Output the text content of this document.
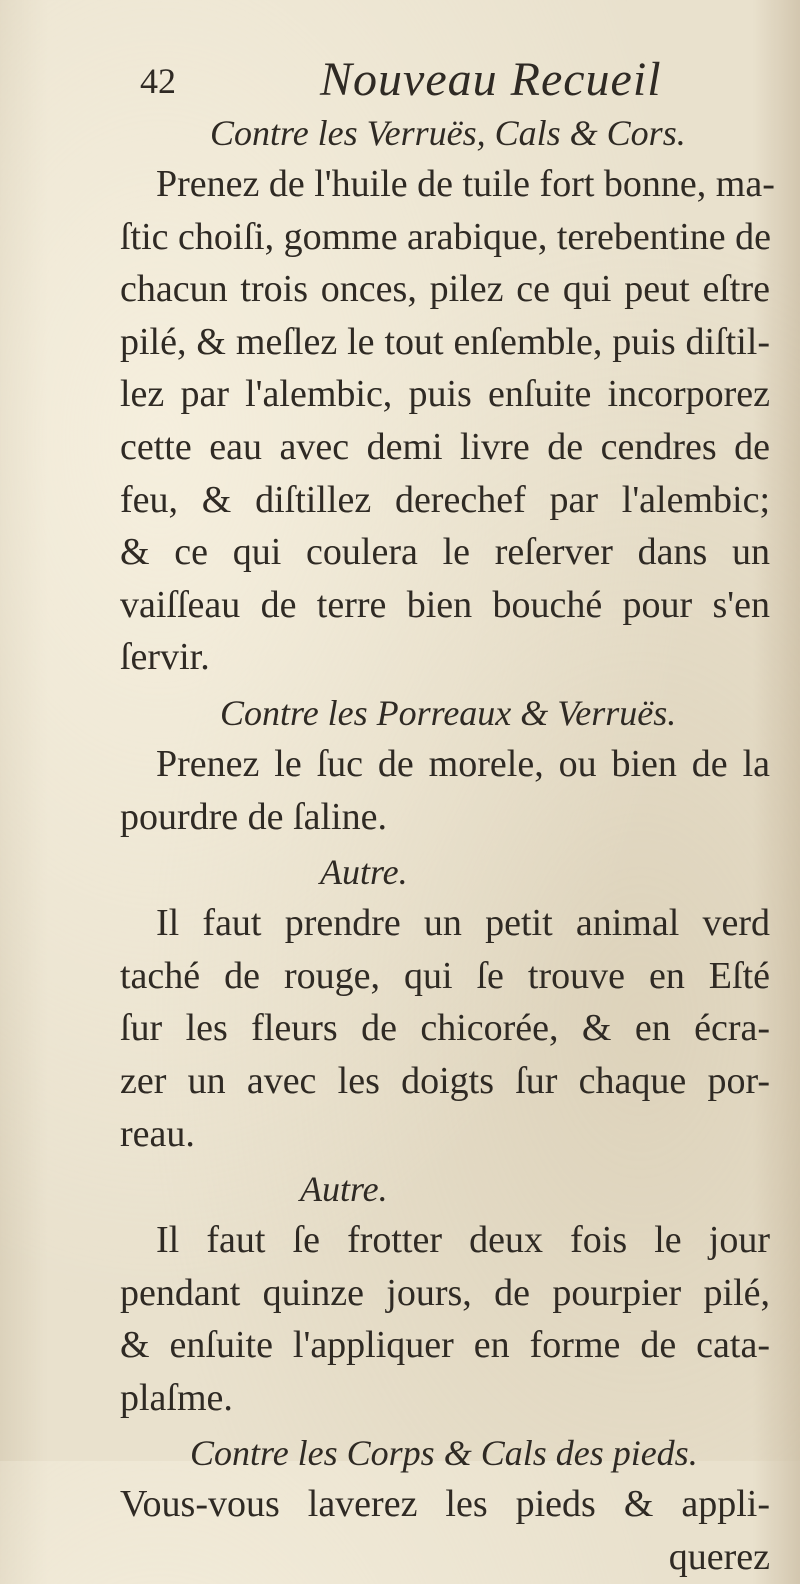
42	Nouveau Recueil

Contre les Verruës, Cals & Cors.

Prenez de l'huile de tuile fort bonne, ma-
ſtic choiſi, gomme arabique, terebentine de
chacun trois onces, pilez ce qui peut eſtre
pilé, & meſlez le tout enſemble, puis diſtil-
lez par l'alembic, puis enſuite incorporez
cette eau avec demi livre de cendres de
feu, & diſtillez derechef par l'alembic;
& ce qui coulera le reſerver dans un
vaiſſeau de terre bien bouché pour s'en
ſervir.

Contre les Porreaux & Verruës.

Prenez le ſuc de morele, ou bien de la
pourdre de ſaline.

Autre.

Il faut prendre un petit animal verd
taché de rouge, qui ſe trouve en Eſté
ſur les fleurs de chicorée, & en écra-
zer un avec les doigts ſur chaque por-
reau.

Autre.

Il faut ſe frotter deux fois le jour
pendant quinze jours, de pourpier pilé,
& enſuite l'appliquer en forme de cata-
plaſme.

Contre les Corps & Cals des pieds.

Vous-vous laverez les pieds & appli-
querez
